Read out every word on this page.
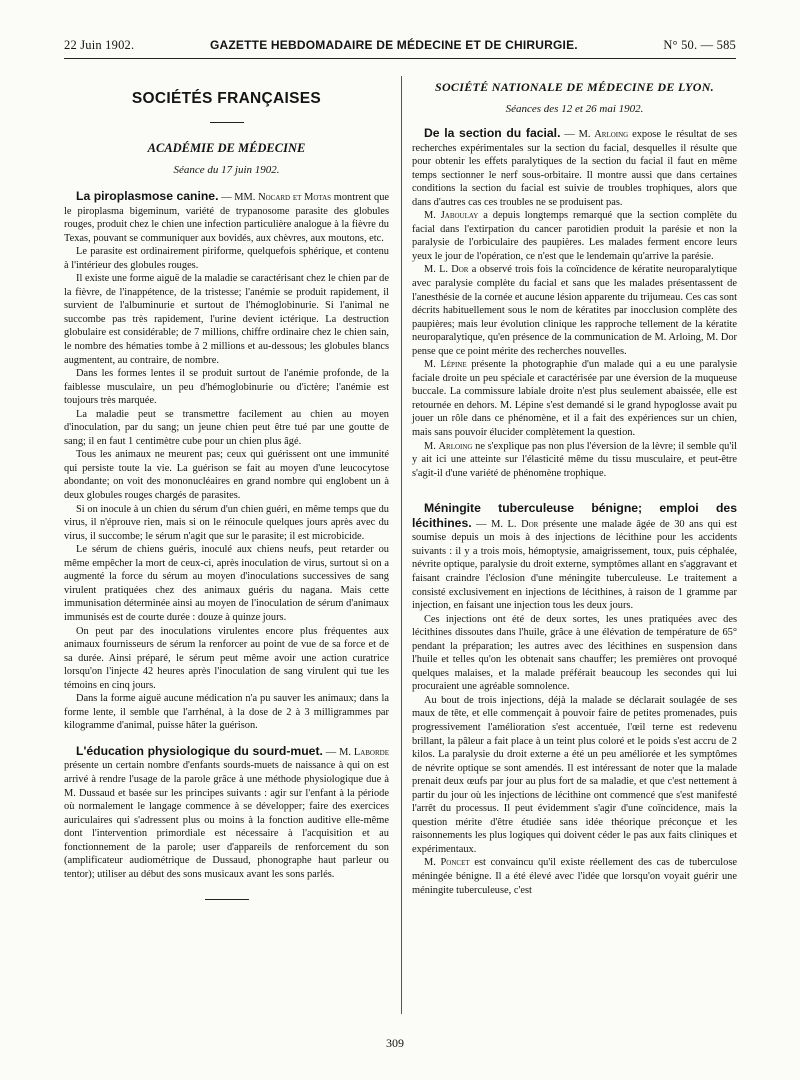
22 Juin 1902.	GAZETTE HEBDOMADAIRE DE MÉDECINE ET DE CHIRURGIE.	N° 50. — 585
SOCIÉTÉS FRANÇAISES
ACADÉMIE DE MÉDECINE
Séance du 17 juin 1902.

La piroplasmose canine. — MM. Nocard et Motas montrent que le piroplasma bigeminum, variété de trypanosome parasite des globules rouges, produit chez le chien une infection particulière analogue à la fièvre du Texas, pouvant se communiquer aux bovidés, aux chèvres, aux moutons, etc.

Le parasite est ordinairement piriforme, quelquefois sphérique, et contenu à l'intérieur des globules rouges.

Il existe une forme aiguë de la maladie se caractérisant chez le chien par de la fièvre, de l'inappétence, de la tristesse; l'anémie se produit rapidement, il survient de l'albuminurie et surtout de l'hémoglobinurie. Si l'animal ne succombe pas très rapidement, l'urine devient ictérique. La destruction globulaire est considérable; de 7 millions, chiffre ordinaire chez le chien sain, le nombre des hématies tombe à 2 millions et au-dessous; les globules blancs augmentent, au contraire, de nombre.

Dans les formes lentes il se produit surtout de l'anémie profonde, de la faiblesse musculaire, un peu d'hémoglobinurie ou d'ictère; l'anémie est toujours très marquée.

La maladie peut se transmettre facilement au chien au moyen d'inoculation, par du sang; un jeune chien peut être tué par une goutte de sang; il en faut 1 centimètre cube pour un chien plus âgé.

Tous les animaux ne meurent pas; ceux qui guérissent ont une immunité qui persiste toute la vie. La guérison se fait au moyen d'une leucocytose abondante; on voit des mononucléaires en grand nombre qui englobent un à deux globules rouges chargés de parasites.

Si on inocule à un chien du sérum d'un chien guéri, en même temps que du virus, il n'éprouve rien, mais si on le réinocule quelques jours après avec du virus, il succombe; le sérum n'agit que sur le parasite; il est microbicide.

Le sérum de chiens guéris, inoculé aux chiens neufs, peut retarder ou même empêcher la mort de ceux-ci, après inoculation de virus, surtout si on a augmenté la force du sérum au moyen d'inoculations successives de sang virulent pratiquées chez des animaux guéris du nagana. Mais cette immunisation déterminée ainsi au moyen de l'inoculation de sérum d'animaux immunisés est de courte durée : douze à quinze jours.

On peut par des inoculations virulentes encore plus fréquentes aux animaux fournisseurs de sérum la renforcer au point de vue de sa force et de sa durée. Ainsi préparé, le sérum peut même avoir une action curatrice lorsqu'on l'injecte 42 heures après l'inoculation de sang virulent qui tue les témoins en cinq jours.

Dans la forme aiguë aucune médication n'a pu sauver les animaux; dans la forme lente, il semble que l'arrhénal, à la dose de 2 à 3 milligrammes par kilogramme d'animal, puisse hâter la guérison.

L'éducation physiologique du sourd-muet. — M. Laborde présente un certain nombre d'enfants sourds-muets de naissance à qui on est arrivé à rendre l'usage de la parole grâce à une méthode physiologique due à M. Dussaud et basée sur les principes suivants : agir sur l'enfant à la période où normalement le langage commence à se développer; faire des exercices auriculaires qui s'adressent plus ou moins à la fonction auditive elle-même dont l'intervention primordiale est nécessaire à l'acquisition et au fonctionnement de la parole; user d'appareils de renforcement du son (amplificateur audiométrique de Dussaud, phonographe haut parleur ou tentor); utiliser au début des sons musicaux avant les sons parlés.

SOCIÉTÉ NATIONALE DE MÉDECINE DE LYON.
Séances des 12 et 26 mai 1902.

De la section du facial. — M. Arloing expose le résultat de ses recherches expérimentales sur la section du facial, desquelles il résulte que pour obtenir les effets paralytiques de la section du facial il faut en même temps sectionner le nerf sous-orbitaire. Il montre aussi que dans certaines conditions la section du facial est suivie de troubles trophiques, alors que dans d'autres cas ces troubles ne se produisent pas.

M. Jaboulay a depuis longtemps remarqué que la section complète du facial dans l'extirpation du cancer parotidien produit la parésie et non la paralysie de l'orbiculaire des paupières. Les malades ferment encore leurs yeux le jour de l'opération, ce n'est que le lendemain qu'arrive la parésie.

M. L. Dor a observé trois fois la coïncidence de kératite neuroparalytique avec paralysie complète du facial et sans que les malades présentassent de l'anesthésie de la cornée et aucune lésion apparente du trijumeau. Ces cas sont décrits habituellement sous le nom de kératites par inocclusion complète des paupières; mais leur évolution clinique les rapproche tellement de la kératite neuroparalytique, qu'en présence de la communication de M. Arloing, M. Dor pense que ce point mérite des recherches nouvelles.

M. Lépine présente la photographie d'un malade qui a eu une paralysie faciale droite un peu spéciale et caractérisée par une éversion de la muqueuse buccale. La commissure labiale droite n'est plus seulement abaissée, elle est retournée en dehors. M. Lépine s'est demandé si le grand hypoglosse avait pu jouer un rôle dans ce phénomène, et il a fait des expériences sur un chien, mais sans pouvoir élucider complètement la question.

M. Arloing ne s'explique pas non plus l'éversion de la lèvre; il semble qu'il y ait ici une atteinte sur l'élasticité même du tissu musculaire, et peut-être s'agit-il d'une variété de phénomène trophique.

Méningite tuberculeuse bénigne; emploi des lécithines. — M. L. Dor présente une malade âgée de 30 ans qui est soumise depuis un mois à des injections de lécithine pour les accidents suivants : il y a trois mois, hémoptysie, amaigrissement, toux, puis céphalée, névrite optique, paralysie du droit externe, symptômes allant en s'aggravant et faisant craindre l'éclosion d'une méningite tuberculeuse. Le traitement a consisté exclusivement en injections de lécithines, à raison de 1 gramme par injection, en faisant une injection tous les deux jours.

Ces injections ont été de deux sortes, les unes pratiquées avec des lécithines dissoutes dans l'huile, grâce à une élévation de température de 65° pendant la préparation; les autres avec des lécithines en suspension dans l'huile et telles qu'on les obtenait sans chauffer; les premières ont provoqué quelques malaises, et la malade préférait beaucoup les secondes qui lui procuraient une agréable somnolence.

Au bout de trois injections, déjà la malade se déclarait soulagée de ses maux de tête, et elle commençait à pouvoir faire de petites promenades, puis progressivement l'amélioration s'est accentuée, l'œil terne est redevenu brillant, la pâleur a fait place à un teint plus coloré et le poids s'est accru de 2 kilos. La paralysie du droit externe a été un peu améliorée et les symptômes de névrite optique se sont amendés. Il est intéressant de noter que la malade prenait deux œufs par jour au plus fort de sa maladie, et que c'est nettement à partir du jour où les injections de lécithine ont commencé que s'est manifesté l'arrêt du processus. Il peut évidemment s'agir d'une coïncidence, mais la question mérite d'être étudiée sans idée théorique préconçue et les raisonnements les plus logiques qui doivent céder le pas aux faits cliniques et expérimentaux.

M. Poncet est convaincu qu'il existe réellement des cas de tuberculose méningée bénigne. Il a été élevé avec l'idée que lorsqu'on voyait guérir une méningite tuberculeuse, c'est

309
